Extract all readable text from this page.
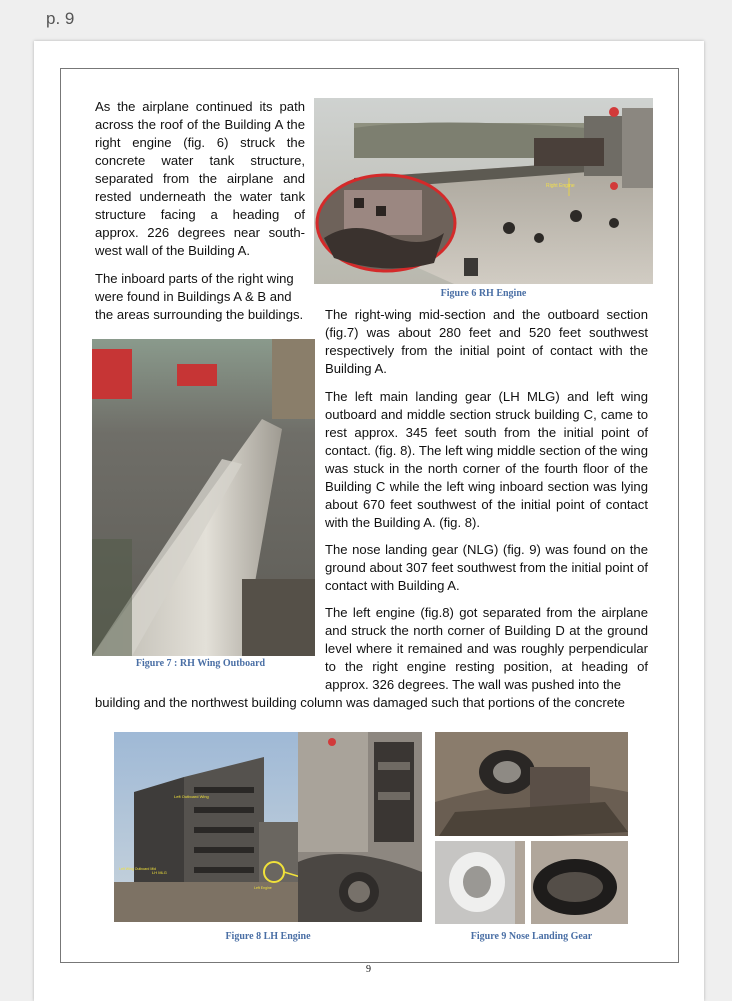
p. 9

As the airplane continued its path across the roof of the Building A the right engine (fig. 6) struck the concrete water tank structure, separated from the airplane and rested underneath the water tank structure facing a heading of approx. 226 degrees near south-west wall of the Building A.

The inboard parts of the right wing were found in Buildings A & B and

the areas surrounding the buildings.	The right-wing mid-section and the outboard section (fig.7) was about 280 feet and 520 feet southwest respectively from the initial point of contact with the Building A.

The left main landing gear (LH MLG) and left wing outboard and middle section struck building C, came to rest approx. 345 feet south from the initial point of contact. (fig. 8). The left wing middle section of the wing was stuck in the north corner of the fourth floor of the Building C while the left wing inboard section was lying about 670 feet southwest of the initial point of contact with the Building A. (fig. 8).

The nose landing gear (NLG) (fig. 9) was found on the ground about 307 feet southwest from the initial point of contact with Building A.

The left engine (fig.8) got separated from the airplane and struck the north corner of Building D at the ground level where it remained and was roughly perpendicular to the right engine resting position, at heading of approx. 326 degrees. The wall was pushed into the

building and the northwest building column was damaged such that portions of the concrete

Right Engine
Figure 6 RH Engine
Figure 7 : RH Wing Outboard
Left Outboard Wing
LH MLG
Left Wing Outboard Mid
Left Engine
Figure 8 LH Engine	Figure 9 Nose Landing Gear
9
